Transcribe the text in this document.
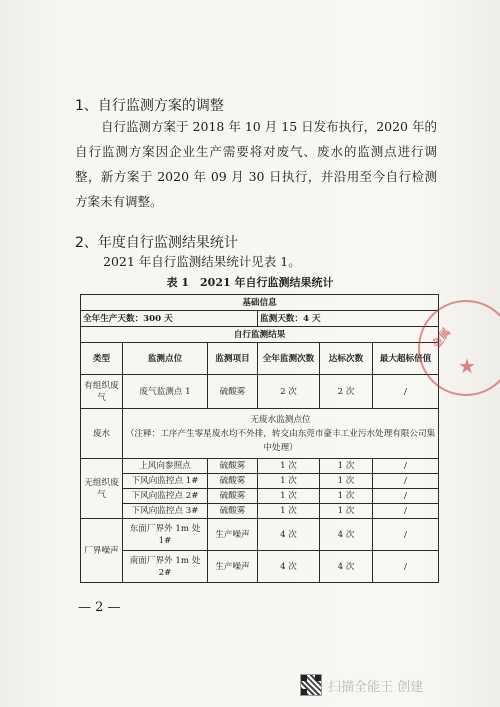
1、自行监测方案的调整
自行监测方案于 2018 年 10 月 15 日发布执行，2020 年的自行监测方案因企业生产需要将对废气、废水的监测点进行调整，新方案于 2020 年 09 月 30 日执行，并沿用至今自行检测方案未有调整。
2、年度自行监测结果统计
2021 年自行监测结果统计见表 1。
表 1　2021 年自行监测结果统计
基础信息					
全年生产天数：300 天			监测天数：4 天		
自行监测结果					
类型	监测点位	监测项目	全年监测次数	达标次数	最大超标倍值
有组织废气	废气监测点 1	硫酸雾	2 次	2 次	/
废水	无废水监测点位
（注释：工序产生零星废水均不外排，转交由东莞市豪丰工业污水处理有限公司集中处理）				

无组织废气	上风向参照点	硫酸雾	1 次	1 次	/
	下风向监控点 1#	硫酸雾	1 次	1 次	/
	下风向监控点 2#	硫酸雾	1 次	1 次	/
	下风向监控点 3#	硫酸雾	1 次	1 次	/
厂界噪声	东面厂界外 1m 处 1#	生产噪声	4 次	4 次	/
	南面厂界外 1m 处 2#	生产噪声	4 次	4 次	/
— 2 —
金属
★
扫描全能王 创建
